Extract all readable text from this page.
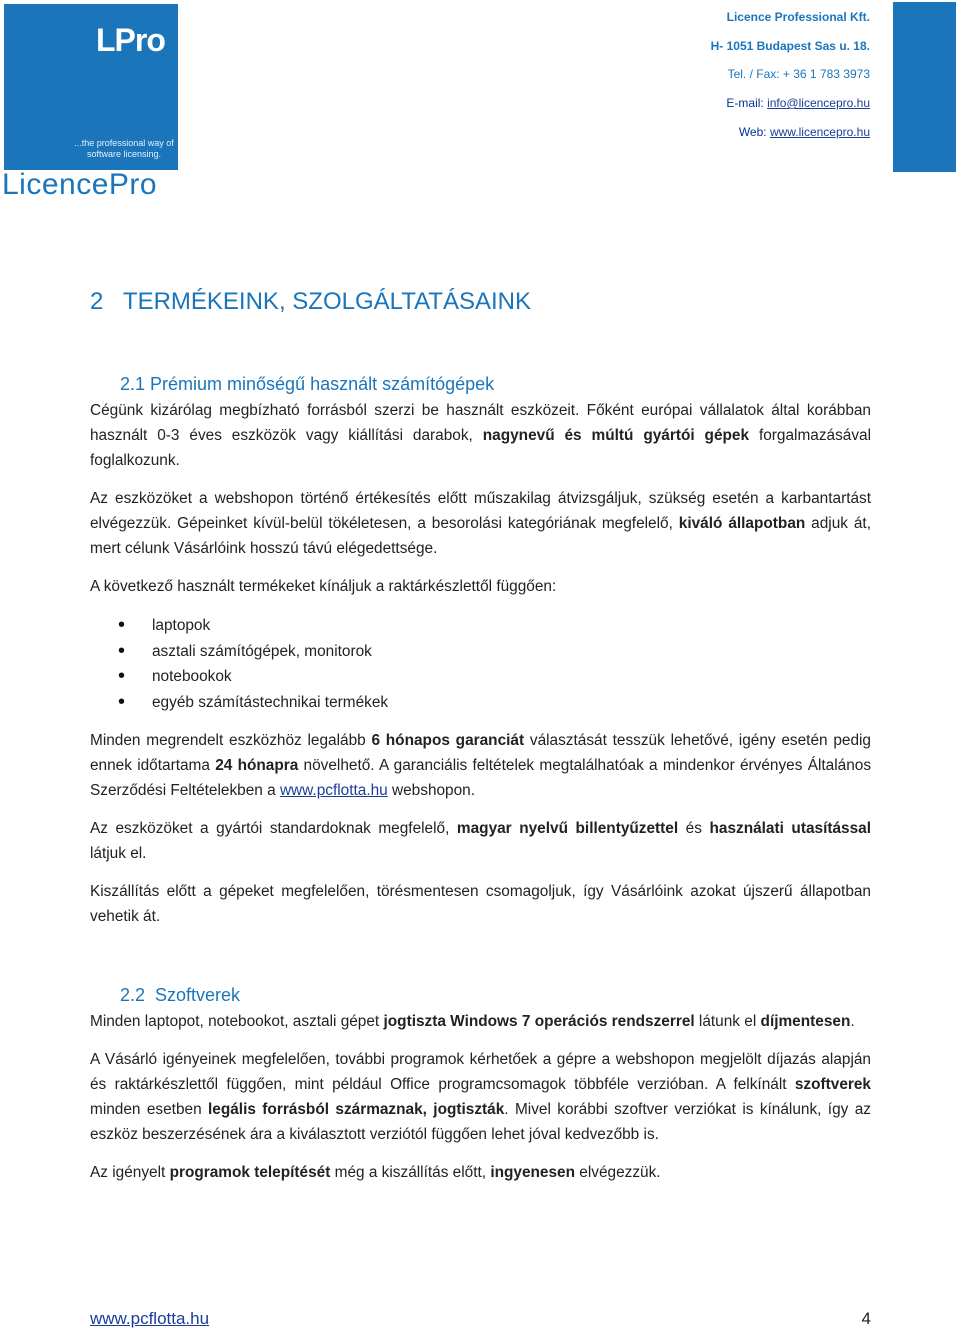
LPro
...the professional way of software licensing.
LicencePro
Licence Professional Kft.
H- 1051 Budapest Sas u. 18.
Tel. / Fax: + 36 1 783 3973
E-mail: info@licencepro.hu
Web: www.licencepro.hu
2   TERMÉKEINK, SZOLGÁLTATÁSAINK
2.1 Prémium minőségű használt számítógépek

Cégünk kizárólag megbízható forrásból szerzi be használt eszközeit. Főként európai vállalatok által korábban használt 0-3 éves eszközök vagy kiállítási darabok, nagynevű és múltú gyártói gépek forgalmazásával foglalkozunk.

Az eszközöket a webshopon történő értékesítés előtt műszakilag átvizsgáljuk, szükség esetén a karbantartást elvégezzük. Gépeinket kívül-belül tökéletesen, a besorolási kategóriának megfelelő, kiváló állapotban adjuk át, mert célunk Vásárlóink hosszú távú elégedettsége.

A következő használt termékeket kínáljuk a raktárkészlettől függően:

• laptopok
• asztali számítógépek, monitorok
• notebookok
• egyéb számítástechnikai termékek

Minden megrendelt eszközhöz legalább 6 hónapos garanciát választását tesszük lehetővé, igény esetén pedig ennek időtartama 24 hónapra növelhető. A garanciális feltételek megtalálhatóak a mindenkor érvényes Általános Szerződési Feltételekben a www.pcflotta.hu webshopon.

Az eszközöket a gyártói standardoknak megfelelő, magyar nyelvű billentyűzettel és használati utasítással látjuk el.

Kiszállítás előtt a gépeket megfelelően, törésmentesen csomagoljuk, így Vásárlóink azokat újszerű állapotban vehetik át.

2.2  Szoftverek

Minden laptopot, notebookot, asztali gépet jogtiszta Windows 7 operációs rendszerrel látunk el díjmentesen.

A Vásárló igényeinek megfelelően, további programok kérhetőek a gépre a webshopon megjelölt díjazás alapján és raktárkészlettől függően, mint például Office programcsomagok többféle verzióban. A felkínált szoftverek minden esetben legális forrásból származnak, jogtiszták. Mivel korábbi szoftver verziókat is kínálunk, így az eszköz beszerzésének ára a kiválasztott verziótól függően lehet jóval kedvezőbb is.

Az igényelt programok telepítését még a kiszállítás előtt, ingyenesen elvégezzük.

www.pcflotta.hu	4
